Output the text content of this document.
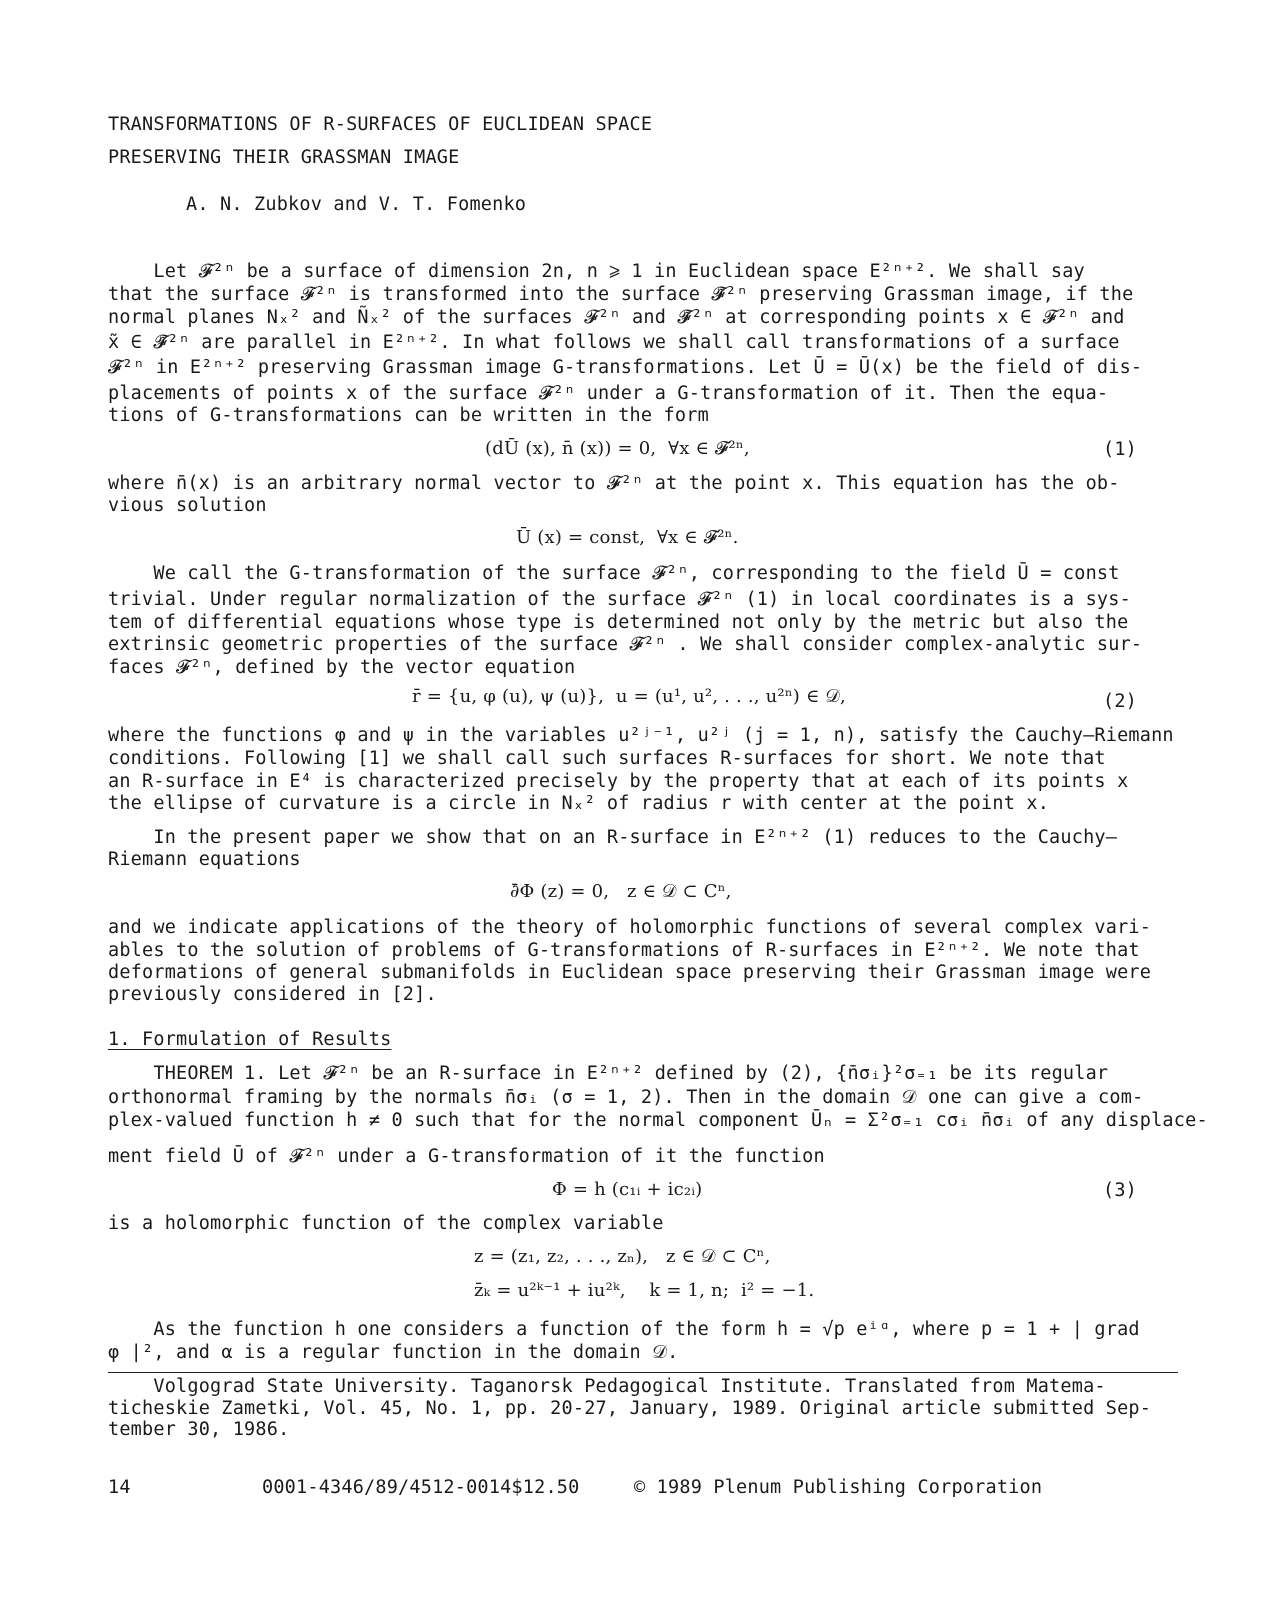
TRANSFORMATIONS OF R-SURFACES OF EUCLIDEAN SPACE
PRESERVING THEIR GRASSMAN IMAGE
A. N. Zubkov and V. T. Fomenko
Let 𝓕²ⁿ be a surface of dimension 2n, n ⩾ 1 in Euclidean space E²ⁿ⁺². We shall say
that the surface 𝓕²ⁿ is transformed into the surface 𝓕̃²ⁿ preserving Grassman image, if the
normal planes Nₓ² and Ñₓ² of the surfaces 𝓕²ⁿ and 𝓕̃²ⁿ at corresponding points x ∈ 𝓕²ⁿ and
x̃ ∈ 𝓕̃²ⁿ are parallel in E²ⁿ⁺². In what follows we shall call transformations of a surface
𝓕²ⁿ in E²ⁿ⁺² preserving Grassman image G-transformations. Let Ū = Ū(x) be the field of dis-
placements of points x of the surface 𝓕²ⁿ under a G-transformation of it. Then the equa-
tions of G-transformations can be written in the form
(dŪ (x), n̄ (x)) = 0,  ∀x ∈ 𝓕²ⁿ,	(1)
where n̄(x) is an arbitrary normal vector to 𝓕²ⁿ at the point x. This equation has the ob-
vious solution
Ū (x) = const,  ∀x ∈ 𝓕²ⁿ.
We call the G-transformation of the surface 𝓕²ⁿ, corresponding to the field Ū = const
trivial. Under regular normalization of the surface 𝓕²ⁿ (1) in local coordinates is a sys-
tem of differential equations whose type is determined not only by the metric but also the
extrinsic geometric properties of the surface 𝓕²ⁿ . We shall consider complex-analytic sur-
faces 𝓕²ⁿ, defined by the vector equation
r̄ = {u, φ (u), ψ (u)},  u = (u¹, u², . . ., u²ⁿ) ∈ 𝒟,	(2)
where the functions φ and ψ in the variables u²ʲ⁻¹, u²ʲ (j = 1, n), satisfy the Cauchy–Riemann
conditions. Following [1] we shall call such surfaces R-surfaces for short. We note that
an R-surface in E⁴ is characterized precisely by the property that at each of its points x
the ellipse of curvature is a circle in Nₓ² of radius r with center at the point x.
In the present paper we show that on an R-surface in E²ⁿ⁺² (1) reduces to the Cauchy–
Riemann equations
∂̄Φ (z) = 0,   z ∈ 𝒟 ⊂ Cⁿ,
and we indicate applications of the theory of holomorphic functions of several complex vari-
ables to the solution of problems of G-transformations of R-surfaces in E²ⁿ⁺². We note that
deformations of general submanifolds in Euclidean space preserving their Grassman image were
previously considered in [2].
1. Formulation of Results
THEOREM 1. Let 𝓕²ⁿ be an R-surface in E²ⁿ⁺² defined by (2), {n̄σᵢ}²σ₌₁ be its regular
orthonormal framing by the normals n̄σᵢ (σ = 1, 2). Then in the domain 𝒟 one can give a com-
plex-valued function h ≠ 0 such that for the normal component Ūₙ = Σ²σ₌₁ cσᵢ n̄σᵢ of any displace-
ment field Ū of 𝓕²ⁿ under a G-transformation of it the function
Φ = h (c₁ᵢ + ic₂ᵢ)	(3)
is a holomorphic function of the complex variable
z = (z₁, z₂, . . ., zₙ),   z ∈ 𝒟 ⊂ Cⁿ,
z̄ₖ = u²ᵏ⁻¹ + iu²ᵏ,    k = 1, n;  i² = −1.
As the function h one considers a function of the form h = √p eⁱᵅ, where p = 1 + | grad
φ |², and α is a regular function in the domain 𝒟.
Volgograd State University. Taganorsk Pedagogical Institute. Translated from Matema-
ticheskie Zametki, Vol. 45, No. 1, pp. 20-27, January, 1989. Original article submitted Sep-
tember 30, 1986.
14	0001-4346/89/4512-0014$12.50	© 1989 Plenum Publishing Corporation
